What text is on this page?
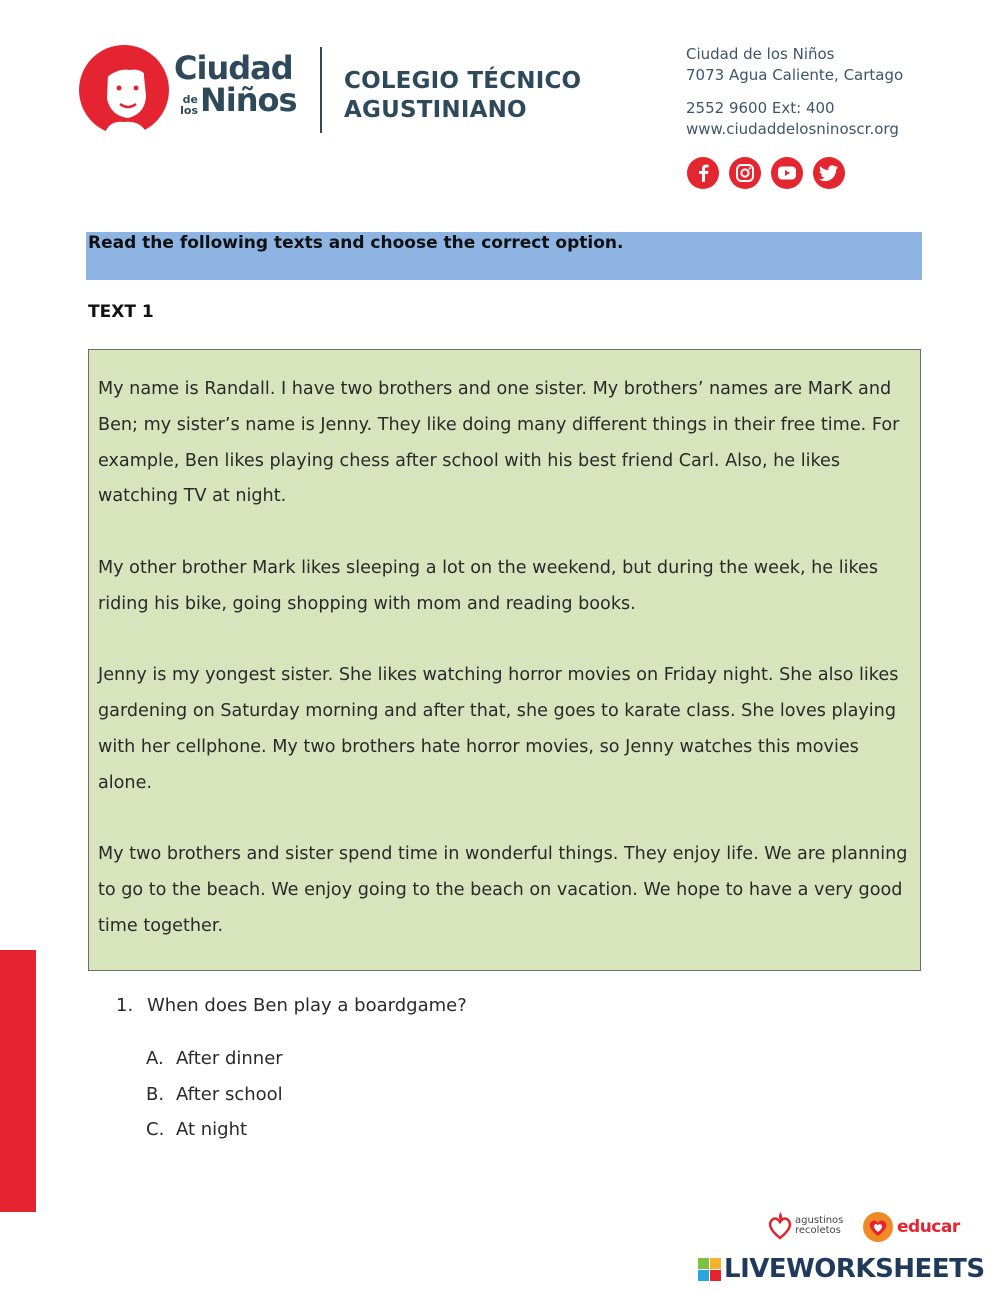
Ciudad
de los Niños COLEGIO TÉCNICO
AGUSTINIANO
Ciudad de los Niños
7073 Agua Caliente, Cartago
2552 9600 Ext: 400
www.ciudaddelosninoscr.org
Read the following texts and choose the correct option.
TEXT 1

My name is Randall. I have two brothers and one sister. My brothers’ names are MarK and Ben; my sister’s name is Jenny. They like doing many different things in their free time. For example, Ben likes playing chess after school with his best friend Carl. Also, he likes watching TV at night.

My other brother Mark likes sleeping a lot on the weekend, but during the week, he likes riding his bike, going shopping with mom and reading books.

Jenny is my yongest sister. She likes watching horror movies on Friday night. She also likes gardening on Saturday morning and after that, she goes to karate class. She loves playing with her cellphone. My two brothers hate horror movies, so Jenny watches this movies alone.

My two brothers and sister spend time in wonderful things. They enjoy life. We are planning to go to the beach. We enjoy going to the beach on vacation. We hope to have a very good time together.

1. When does Ben play a boardgame?
A. After dinner
B. After school
C. At night
agustinos
recoletos	educar
LIVEWORKSHEETS
